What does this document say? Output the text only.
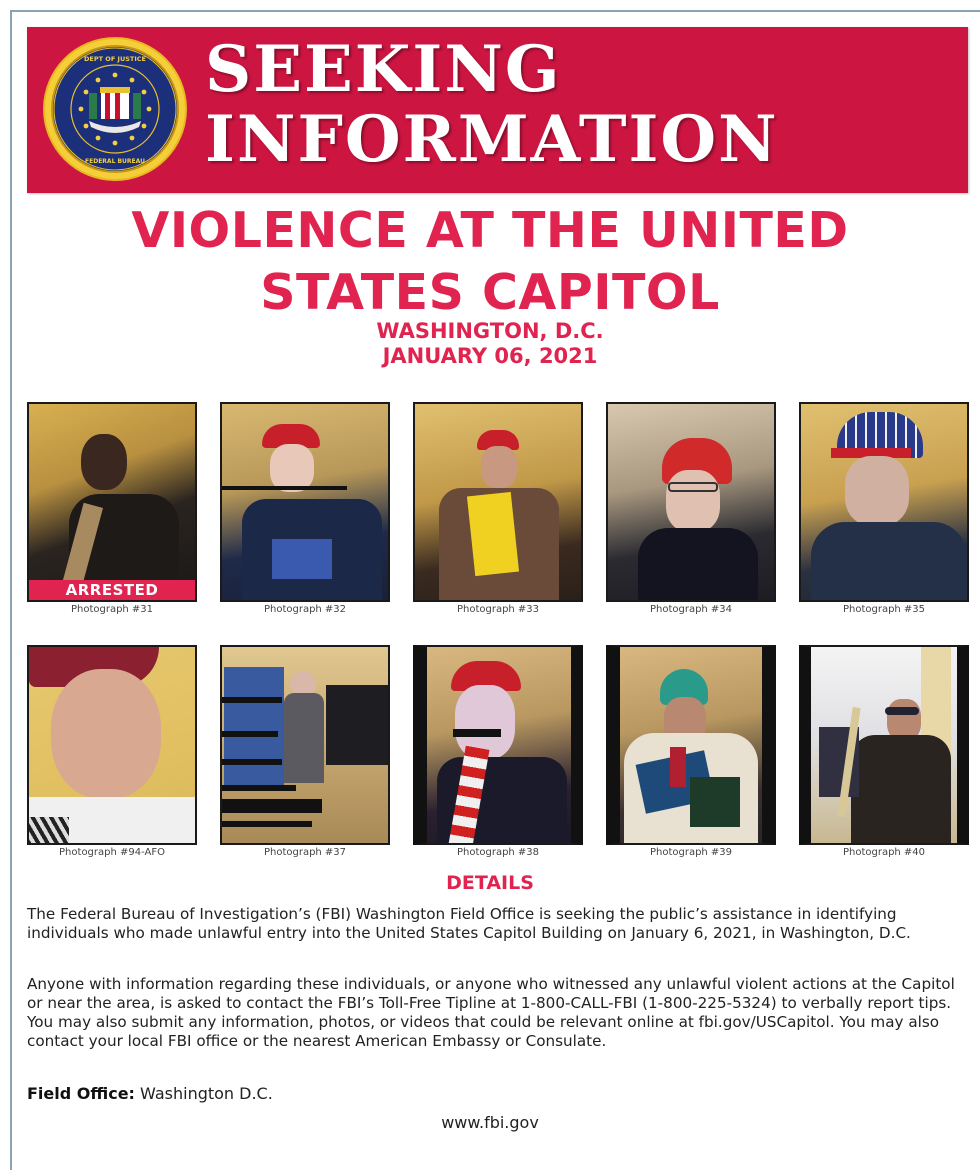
DEPT OF JUSTICE
FEDERAL BUREAU
SEEKING
INFORMATION
VIOLENCE AT THE UNITED
STATES CAPITOL
WASHINGTON, D.C.
JANUARY 06, 2021
ARRESTED
Photograph #31	Photograph #32	Photograph #33	Photograph #34	Photograph #35
Photograph #94-AFO	Photograph #37	Photograph #38	Photograph #39	Photograph #40
DETAILS
The Federal Bureau of Investigation’s (FBI) Washington Field Office is seeking the public’s assistance in identifying individuals who made unlawful entry into the United States Capitol Building on January 6, 2021, in Washington, D.C.
Anyone with information regarding these individuals, or anyone who witnessed any unlawful violent actions at the Capitol or near the area, is asked to contact the FBI’s Toll-Free Tipline at 1-800-CALL-FBI (1-800-225-5324) to verbally report tips. You may also submit any information, photos, or videos that could be relevant online at fbi.gov/USCapitol. You may also contact your local FBI office or the nearest American Embassy or Consulate.
Field Office: Washington D.C.
www.fbi.gov
